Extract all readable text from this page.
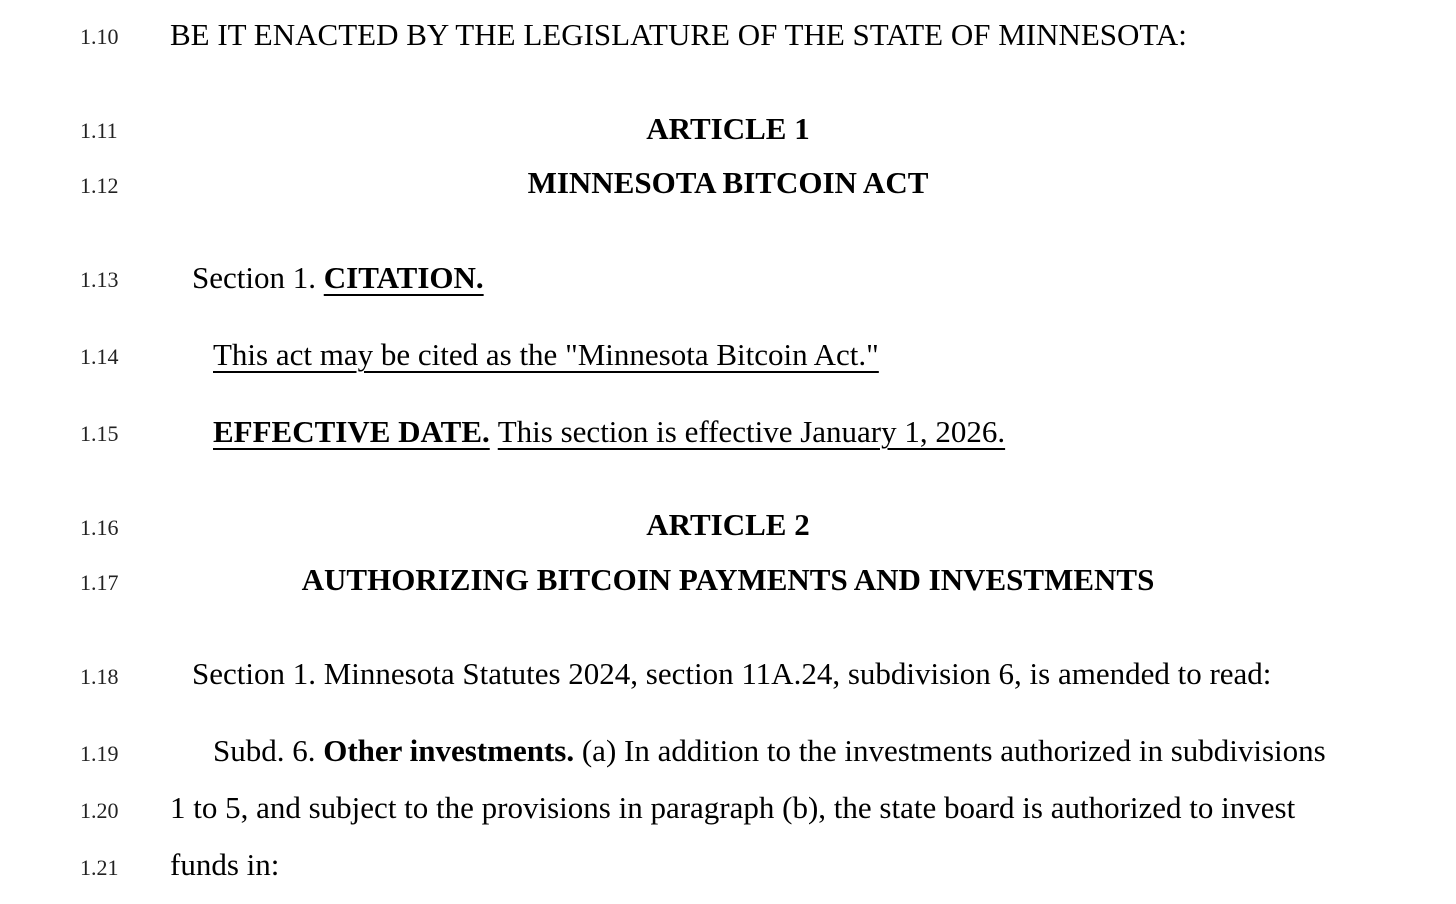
1.10	BE IT ENACTED BY THE LEGISLATURE OF THE STATE OF MINNESOTA:
1.11	ARTICLE 1
1.12	MINNESOTA BITCOIN ACT
1.13	Section 1. CITATION.
1.14	This act may be cited as the "Minnesota Bitcoin Act."
1.15	EFFECTIVE DATE. This section is effective January 1, 2026.
1.16	ARTICLE 2
1.17	AUTHORIZING BITCOIN PAYMENTS AND INVESTMENTS
1.18	Section 1. Minnesota Statutes 2024, section 11A.24, subdivision 6, is amended to read:
1.19	Subd. 6. Other investments. (a) In addition to the investments authorized in subdivisions
1.20	1 to 5, and subject to the provisions in paragraph (b), the state board is authorized to invest
1.21	funds in:
